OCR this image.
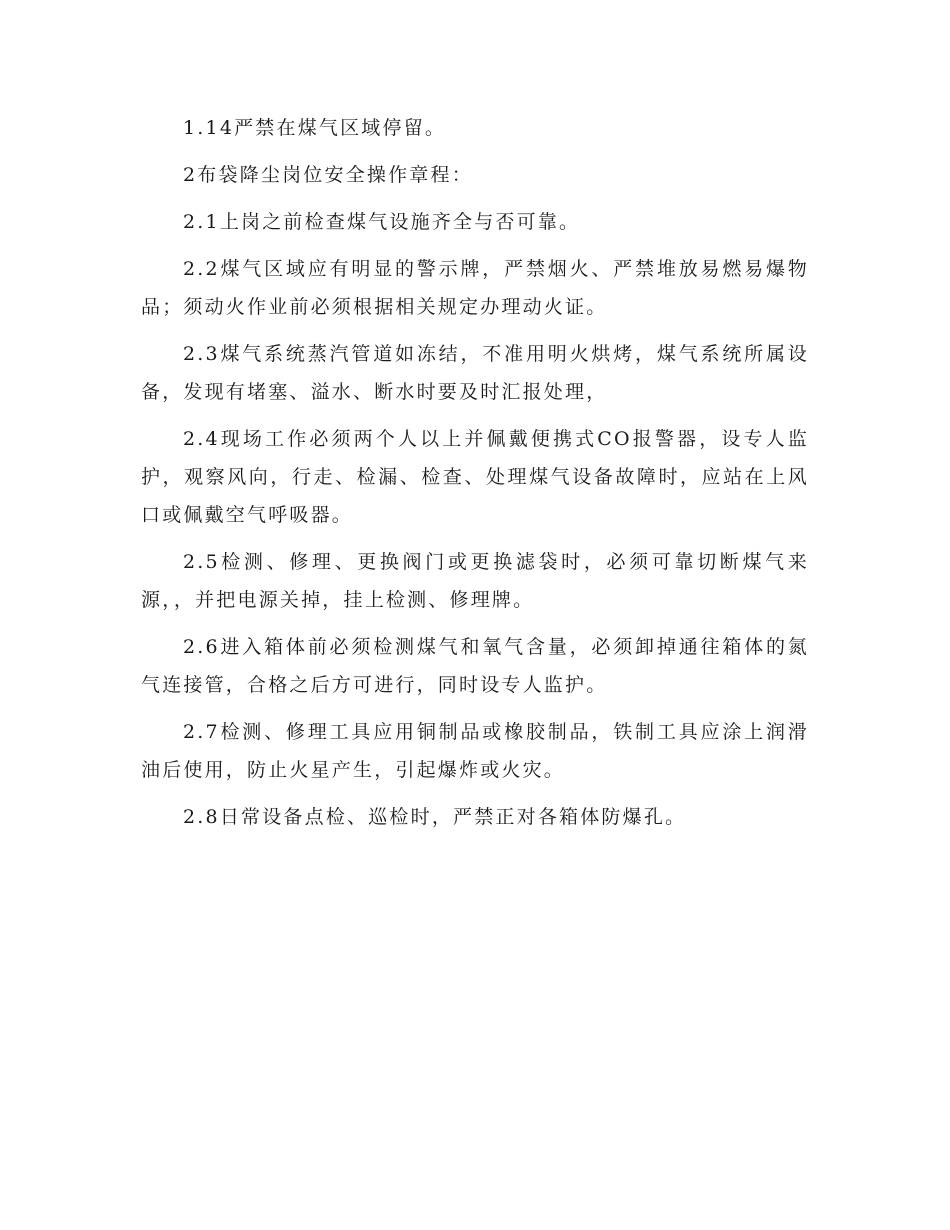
1.14严禁在煤气区域停留。

2布袋降尘岗位安全操作章程：

2.1上岗之前检查煤气设施齐全与否可靠。

2.2煤气区域应有明显的警示牌，严禁烟火、严禁堆放易燃易爆物品；须动火作业前必须根据相关规定办理动火证。

2.3煤气系统蒸汽管道如冻结，不准用明火烘烤，煤气系统所属设备，发现有堵塞、溢水、断水时要及时汇报处理，

2.4现场工作必须两个人以上并佩戴便携式CO报警器，设专人监护，观察风向，行走、检漏、检查、处理煤气设备故障时，应站在上风口或佩戴空气呼吸器。

2.5检测、修理、更换阀门或更换滤袋时，必须可靠切断煤气来源，，并把电源关掉，挂上检测、修理牌。

2.6进入箱体前必须检测煤气和氧气含量，必须卸掉通往箱体的氮气连接管，合格之后方可进行，同时设专人监护。

2.7检测、修理工具应用铜制品或橡胶制品，铁制工具应涂上润滑油后使用，防止火星产生，引起爆炸或火灾。

2.8日常设备点检、巡检时，严禁正对各箱体防爆孔。
